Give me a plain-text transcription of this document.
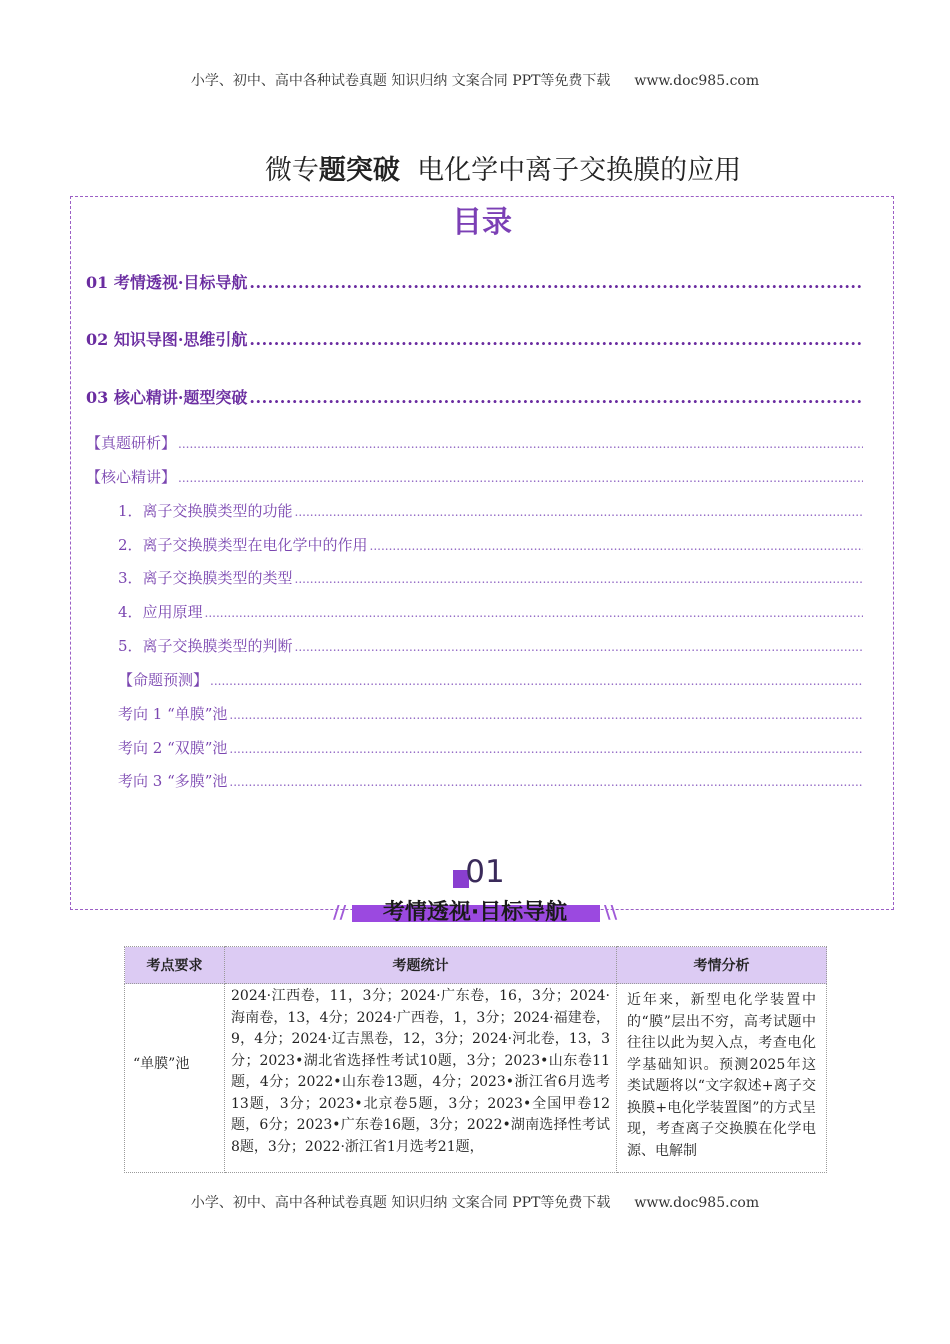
小学、初中、高中各种试卷真题 知识归纳 文案合同 PPT等免费下载 www.doc985.com
微专题突破 电化学中离子交换膜的应用
目录
01 考情透视·目标导航
.....
02 知识导图·思维引航
.....
03 核心精讲·题型突破
.....
【真题研析】
.....
【核心精讲】
.....
1．离子交换膜类型的功能
.....
2．离子交换膜类型在电化学中的作用
.....
3．离子交换膜类型的类型
.....
4．应用原理
.....
5．离子交换膜类型的判断
.....
【命题预测】
.....
考向 1 “单膜”池
.....
考向 2 “双膜”池
.....
考向 3 “多膜”池
.....
01
//	\\
考情透视·目标导航
考点要求	考题统计	考情分析

“单膜”池	2024·江西卷，11，3分；2024·广东卷，16，3分；2024· 海南卷，13，4分；2024·广西卷，1，3分；2024·福建卷，9，4分；2024·辽吉黑卷，12，3分；2024·河北卷，13，3分；2023•湖北省选择性考试10题，3分；2023•山东卷11题，4分；2022•山东卷13题，4分；2023•浙江省6月选考13题，3分；2023•北京卷5题，3分；2023•全国甲卷12题，6分；2023•广东卷16题，3分；2022•湖南选择性考试8题，3分；2022·浙江省1月选考21题，	近年来，新型电化学装置中的“膜”层出不穷，高考试题中往往以此为契入点，考查电化学基础知识。预测2025年这类试题将以“文字叙述+离子交换膜+电化学装置图”的方式呈现，考查离子交换膜在化学电源、电解制
小学、初中、高中各种试卷真题 知识归纳 文案合同 PPT等免费下载 www.doc985.com
